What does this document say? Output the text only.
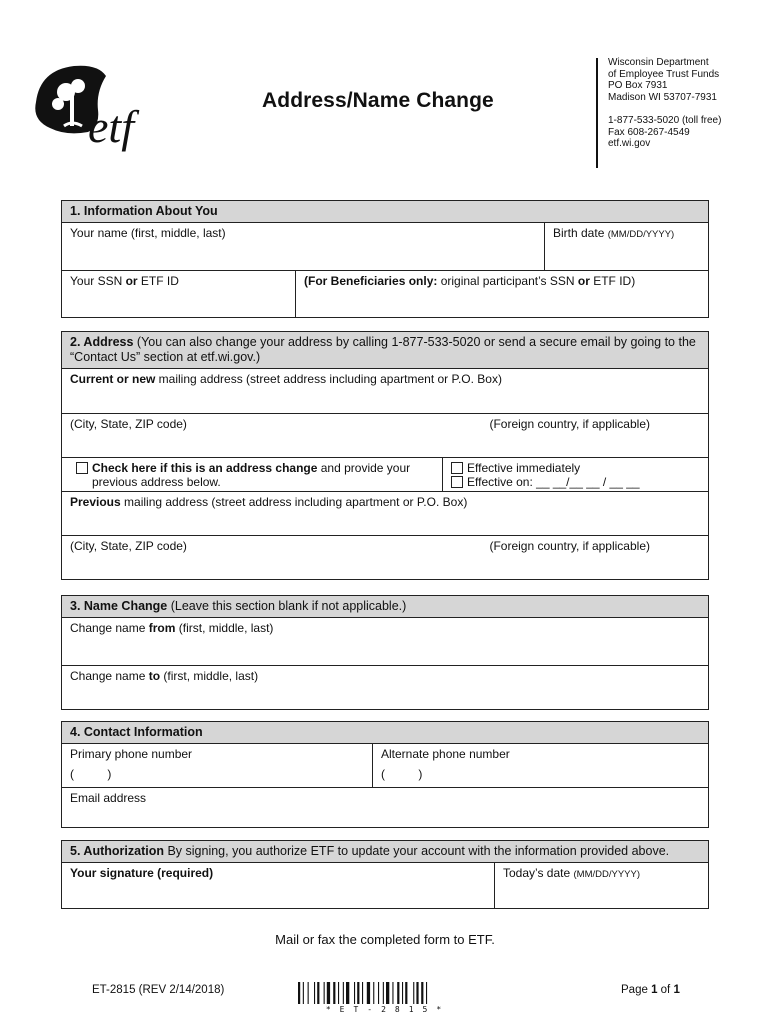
etf
Address/Name Change
Wisconsin Department
of Employee Trust Funds
PO Box 7931
Madison WI 53707-7931
1-877-533-5020 (toll free)
Fax 608-267-4549
etf.wi.gov
1. Information About You
Your name (first, middle, last)	Birth date (MM/DD/YYYY)
Your SSN or ETF ID	(For Beneficiaries only: original participant’s SSN or ETF ID)
2. Address (You can also change your address by calling 1-877-533-5020 or send a secure email by going to the “Contact Us” section at etf.wi.gov.)
Current or new mailing address (street address including apartment or P.O. Box)
(City, State, ZIP code)	(Foreign country, if applicable)
Check here if this is an address change and provide your
previous address below.
Effective immediately
Effective on: __ __/__ __ / __ __
Previous mailing address (street address including apartment or P.O. Box)
(City, State, ZIP code)	(Foreign country, if applicable)
3. Name Change (Leave this section blank if not applicable.)
Change name from (first, middle, last)
Change name to (first, middle, last)
4. Contact Information
Primary phone number
(          )
Alternate phone number
(          )
Email address
5. Authorization By signing, you authorize ETF to update your account with the information provided above.
Your signature (required)	Today’s date (MM/DD/YYYY)
Mail or fax the completed form to ETF.
ET-2815 (REV 2/14/2018)
*ET-2815*
Page 1 of 1
